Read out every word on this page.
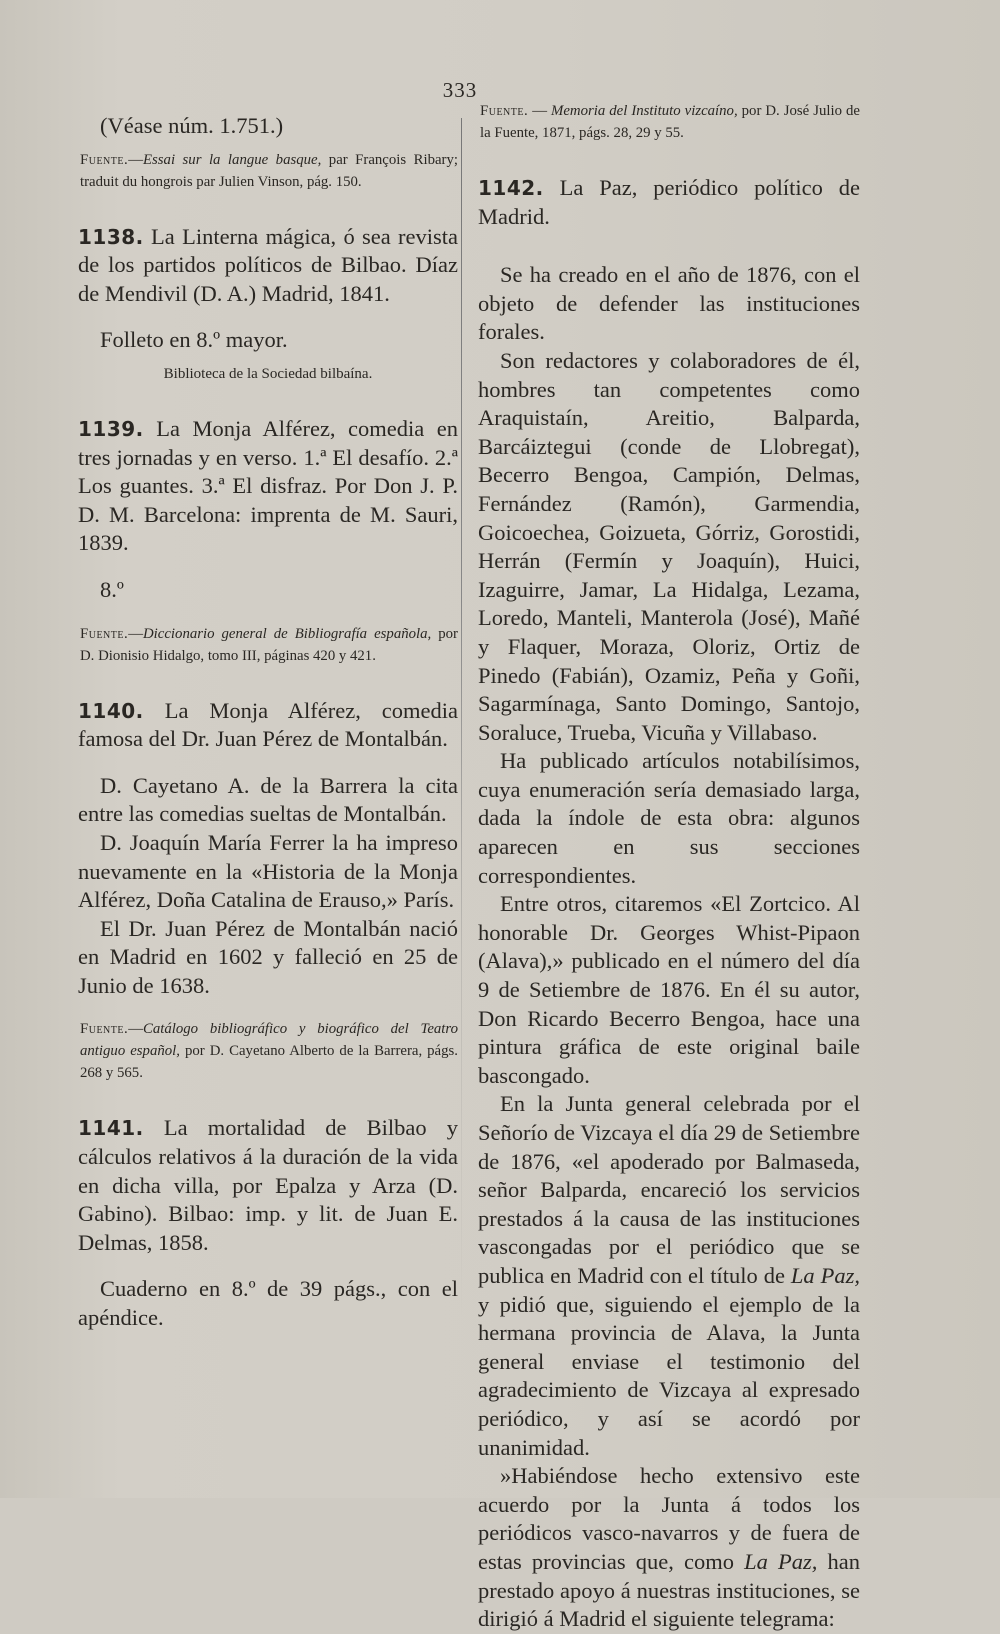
333

(Véase núm. 1.751.)

Fuente.—Essai sur la langue basque, par François Ribary; traduit du hongrois par Julien Vinson, pág. 150.

1138. La Linterna mágica, ó sea revista de los partidos políticos de Bilbao. Díaz de Mendivil (D. A.) Madrid, 1841.

Folleto en 8.º mayor.

Biblioteca de la Sociedad bilbaína.

1139. La Monja Alférez, comedia en tres jornadas y en verso. 1.ª El desafío. 2.ª Los guantes. 3.ª El disfraz. Por Don J. P. D. M. Barcelona: imprenta de M. Sauri, 1839.

8.º

Fuente.—Diccionario general de Bibliografía española, por D. Dionisio Hidalgo, tomo III, páginas 420 y 421.

1140. La Monja Alférez, comedia famosa del Dr. Juan Pérez de Montalbán.

D. Cayetano A. de la Barrera la cita entre las comedias sueltas de Montalbán.

D. Joaquín María Ferrer la ha impreso nuevamente en la «Historia de la Monja Alférez, Doña Catalina de Erauso,» París.

El Dr. Juan Pérez de Montalbán nació en Madrid en 1602 y falleció en 25 de Junio de 1638.

Fuente.—Catálogo bibliográfico y biográfico del Teatro antiguo español, por D. Cayetano Alberto de la Barrera, págs. 268 y 565.

1141. La mortalidad de Bilbao y cálculos relativos á la duración de la vida en dicha villa, por Epalza y Arza (D. Gabino). Bilbao: imp. y lit. de Juan E. Delmas, 1858.

Cuaderno en 8.º de 39 págs., con el apéndice.

Fuente. — Memoria del Instituto vizcaíno, por D. José Julio de la Fuente, 1871, págs. 28, 29 y 55.

1142. La Paz, periódico político de Madrid.

Se ha creado en el año de 1876, con el objeto de defender las instituciones forales.

Son redactores y colaboradores de él, hombres tan competentes como Araquistaín, Areitio, Balparda, Barcáiztegui (conde de Llobregat), Becerro Bengoa, Campión, Delmas, Fernández (Ramón), Garmendia, Goicoechea, Goizueta, Górriz, Gorostidi, Herrán (Fermín y Joaquín), Huici, Izaguirre, Jamar, La Hidalga, Lezama, Loredo, Manteli, Manterola (José), Mañé y Flaquer, Moraza, Oloriz, Ortiz de Pinedo (Fabián), Ozamiz, Peña y Goñi, Sagarmínaga, Santo Domingo, Santojo, Soraluce, Trueba, Vicuña y Villabaso.

Ha publicado artículos notabilísimos, cuya enumeración sería demasiado larga, dada la índole de esta obra: algunos aparecen en sus secciones correspondientes.

Entre otros, citaremos «El Zortcico. Al honorable Dr. Georges Whist-Pipaon (Alava),» publicado en el número del día 9 de Setiembre de 1876. En él su autor, Don Ricardo Becerro Bengoa, hace una pintura gráfica de este original baile bascongado.

En la Junta general celebrada por el Señorío de Vizcaya el día 29 de Setiembre de 1876, «el apoderado por Balmaseda, señor Balparda, encareció los servicios prestados á la causa de las instituciones vascongadas por el periódico que se publica en Madrid con el título de La Paz, y pidió que, siguiendo el ejemplo de la hermana provincia de Alava, la Junta general enviase el testimonio del agradecimiento de Vizcaya al expresado periódico, y así se acordó por unanimidad.

»Habiéndose hecho extensivo este acuerdo por la Junta á todos los periódicos vasco-navarros y de fuera de estas provincias que, como La Paz, han prestado apoyo á nuestras instituciones, se dirigió á Madrid el siguiente telegrama:
